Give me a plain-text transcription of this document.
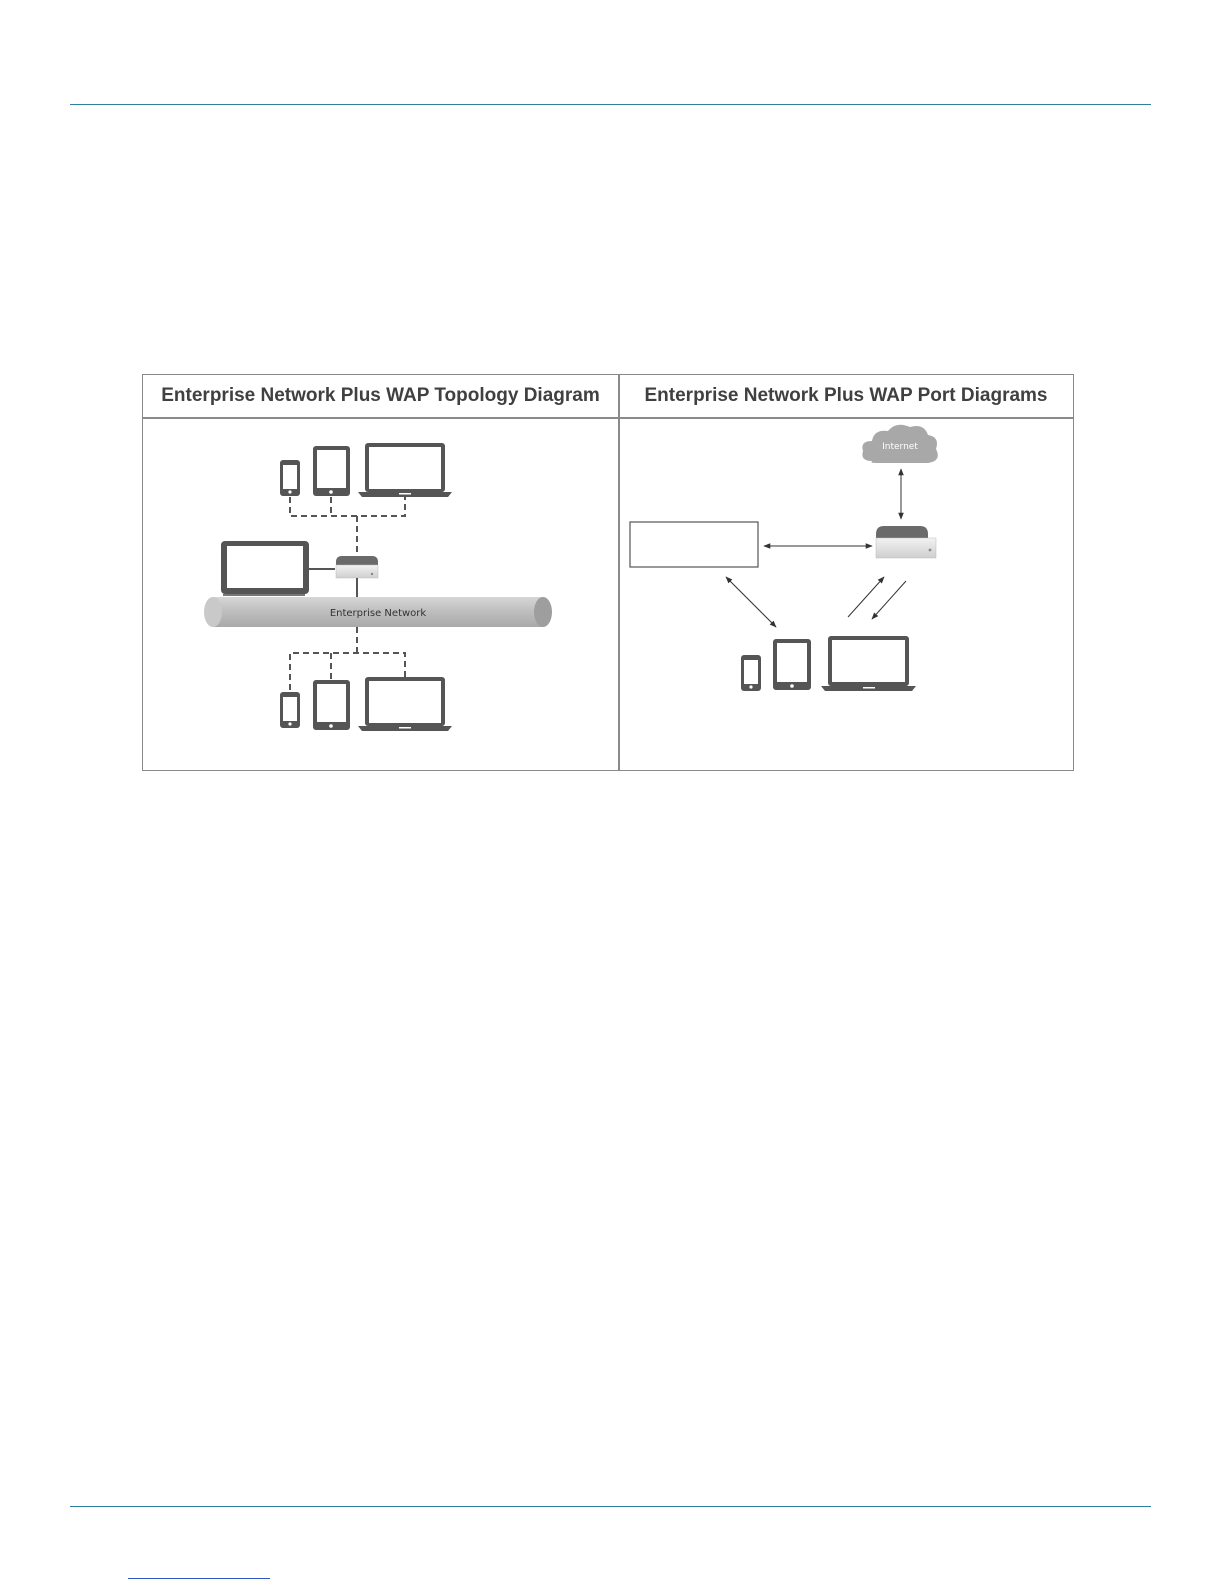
Enterprise Network Plus WAP Topology Diagram	Enterprise Network Plus WAP Port Diagrams
Enterprise Network
Internet
